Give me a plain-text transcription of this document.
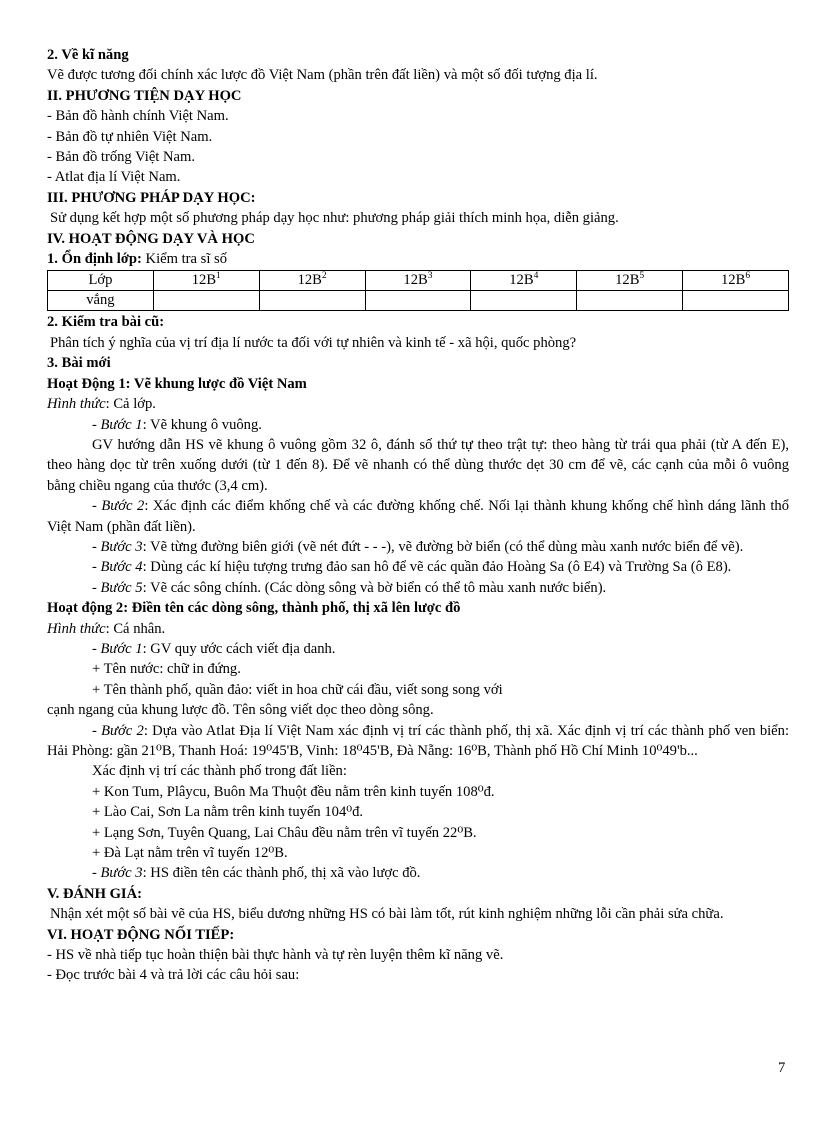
2. Về kĩ năng
Vẽ được tương đối chính xác lược đồ Việt Nam (phần trên đất liền) và một số đối tượng địa lí.
II. PHƯƠNG TIỆN DẠY HỌC
- Bản đồ hành chính Việt Nam.
- Bản đồ tự nhiên Việt Nam.
- Bản đồ trống Việt Nam.
- Atlat địa lí Việt Nam.
III. PHƯƠNG PHÁP DẠY HỌC:
Sử dụng kết hợp một số phương pháp dạy học như: phương pháp giải thích minh họa, diễn giảng.
IV. HOẠT ĐỘNG DẠY VÀ HỌC
1. Ổn định lớp: Kiểm tra sĩ số
Lớp	$12B^1$	$12B^2$	$12B^3$	$12B^4$	$12B^5$	$12B^6$
vắng						
2. Kiểm tra bài cũ:
Phân tích ý nghĩa của vị trí địa lí nước ta đối với tự nhiên và kinh tế - xã hội, quốc phòng?
3. Bài mới
Hoạt Động 1: Vẽ khung lược đồ Việt Nam
Hình thức: Cả lớp.
- Bước 1: Vẽ khung ô vuông.
GV hướng dẫn HS vẽ khung ô vuông gồm 32 ô, đánh số thứ tự theo trật tự: theo hàng từ trái qua phải (từ A đến E), theo hàng dọc từ trên xuống dưới (từ 1 đến 8). Để vẽ nhanh có thể dùng thước dẹt 30 cm để vẽ, các cạnh của mỗi ô vuông bằng chiều ngang của thước (3,4 cm).
- Bước 2: Xác định các điểm khống chế và các đường khống chế. Nối lại thành khung khống chế hình dáng lãnh thổ Việt Nam (phần đất liền).
- Bước 3: Vẽ từng đường biên giới (vẽ nét đứt - - -), vẽ đường bờ biển (có thể dùng màu xanh nước biển để vẽ).
- Bước 4: Dùng các kí hiệu tượng trưng đảo san hô để vẽ các quần đảo Hoàng Sa (ô E4) và Trường Sa (ô E8).
- Bước 5: Vẽ các sông chính. (Các dòng sông và bờ biển có thể tô màu xanh nước biển).
Hoạt động 2: Điền tên các dòng sông, thành phố, thị xã lên lược đồ
Hình thức: Cá nhân.
- Bước 1: GV quy ước cách viết địa danh.
+ Tên nước: chữ in đứng.
+ Tên thành phố, quần đảo: viết in hoa chữ cái đầu, viết song song với
cạnh ngang của khung lược đồ. Tên sông viết dọc theo dòng sông.
- Bước 2: Dựa vào Atlat Địa lí Việt Nam xác định vị trí các thành phố, thị xã. Xác định vị trí các thành phố ven biển: Hải Phòng: gần 21⁰B, Thanh Hoá: 19⁰45'B, Vinh: 18⁰45'B, Đà Nẵng: 16⁰B, Thành phố Hồ Chí Minh 10⁰49'b...
Xác định vị trí các thành phố trong đất liền:
+ Kon Tum, Plâycu, Buôn Ma Thuột đều nằm trên kinh tuyến 108⁰đ.
+ Lào Cai, Sơn La nằm trên kinh tuyến 104⁰đ.
+ Lạng Sơn, Tuyên Quang, Lai Châu đều nằm trên vĩ tuyến 22⁰B.
+ Đà Lạt nằm trên vĩ tuyến 12⁰B.
- Bước 3: HS điền tên các thành phố, thị xã vào lược đồ.
V. ĐÁNH GIÁ:
Nhận xét một số bài vẽ của HS, biểu dương những HS có bài làm tốt, rút kinh nghiệm những lỗi cần phải sửa chữa.
VI. HOẠT ĐỘNG NỐI TIẾP:
- HS về nhà tiếp tục hoàn thiện bài thực hành và tự rèn luyện thêm kĩ năng vẽ.
- Đọc trước bài 4 và trả lời các câu hỏi sau:
7
